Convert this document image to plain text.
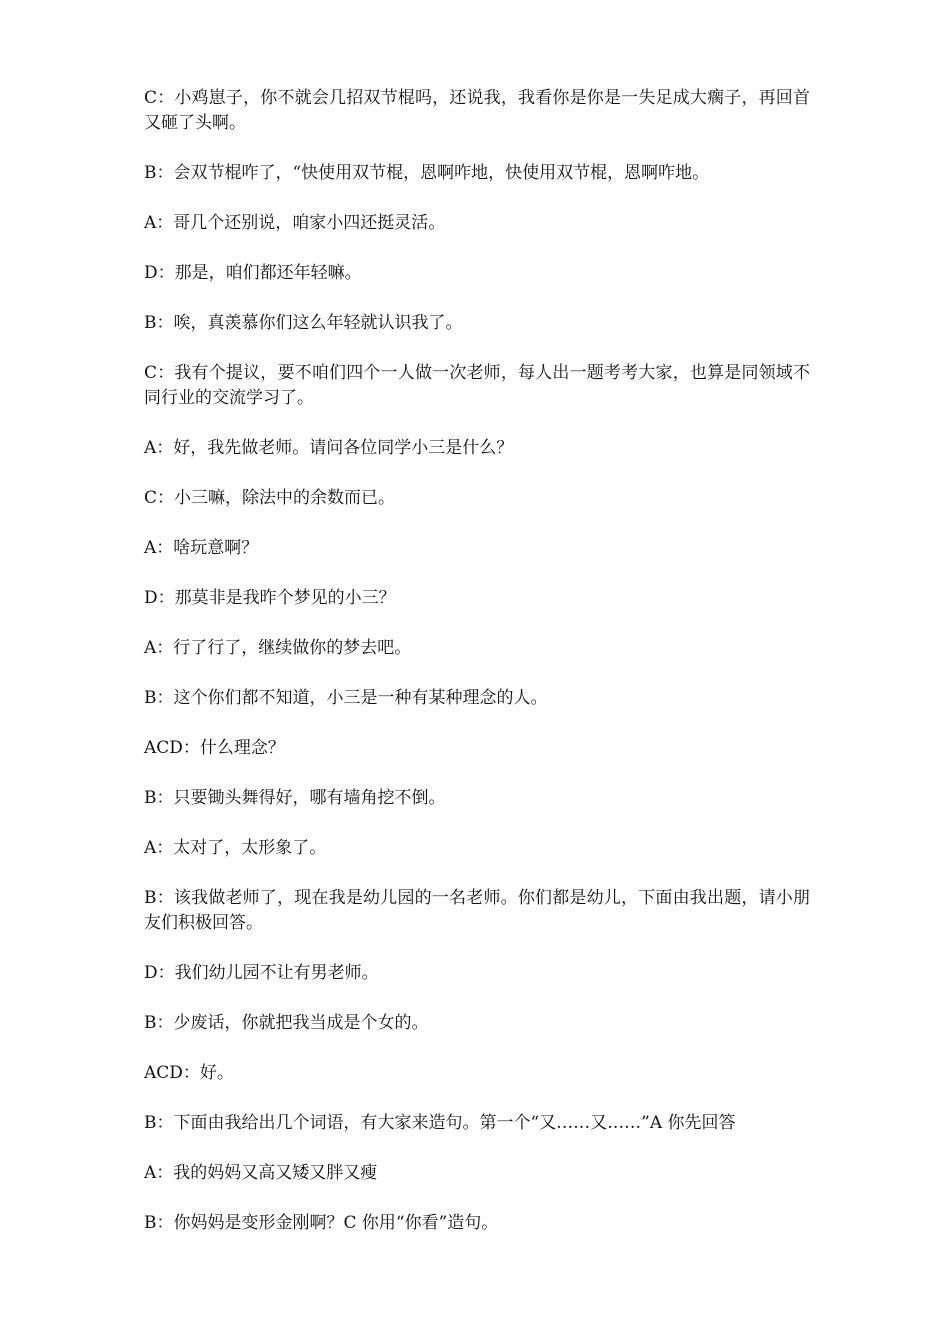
C：小鸡崽子，你不就会几招双节棍吗，还说我，我看你是你是一失足成大瘸子，再回首又砸了头啊。

B：会双节棍咋了，“快使用双节棍，恩啊咋地，快使用双节棍，恩啊咋地。

A：哥几个还别说，咱家小四还挺灵活。

D：那是，咱们都还年轻嘛。

B：唉，真羡慕你们这么年轻就认识我了。

C：我有个提议，要不咱们四个一人做一次老师，每人出一题考考大家，也算是同领域不同行业的交流学习了。

A：好，我先做老师。请问各位同学小三是什么？

C：小三嘛，除法中的余数而已。

A：啥玩意啊？

D：那莫非是我昨个梦见的小三？

A：行了行了，继续做你的梦去吧。

B：这个你们都不知道，小三是一种有某种理念的人。

ACD：什么理念？

B：只要锄头舞得好，哪有墙角挖不倒。

A：太对了，太形象了。

B：该我做老师了，现在我是幼儿园的一名老师。你们都是幼儿，下面由我出题，请小朋友们积极回答。

D：我们幼儿园不让有男老师。

B：少废话，你就把我当成是个女的。

ACD：好。

B：下面由我给出几个词语，有大家来造句。第一个“又……又……”A 你先回答

A：我的妈妈又高又矮又胖又瘦

B：你妈妈是变形金刚啊？C 你用“你看”造句。
